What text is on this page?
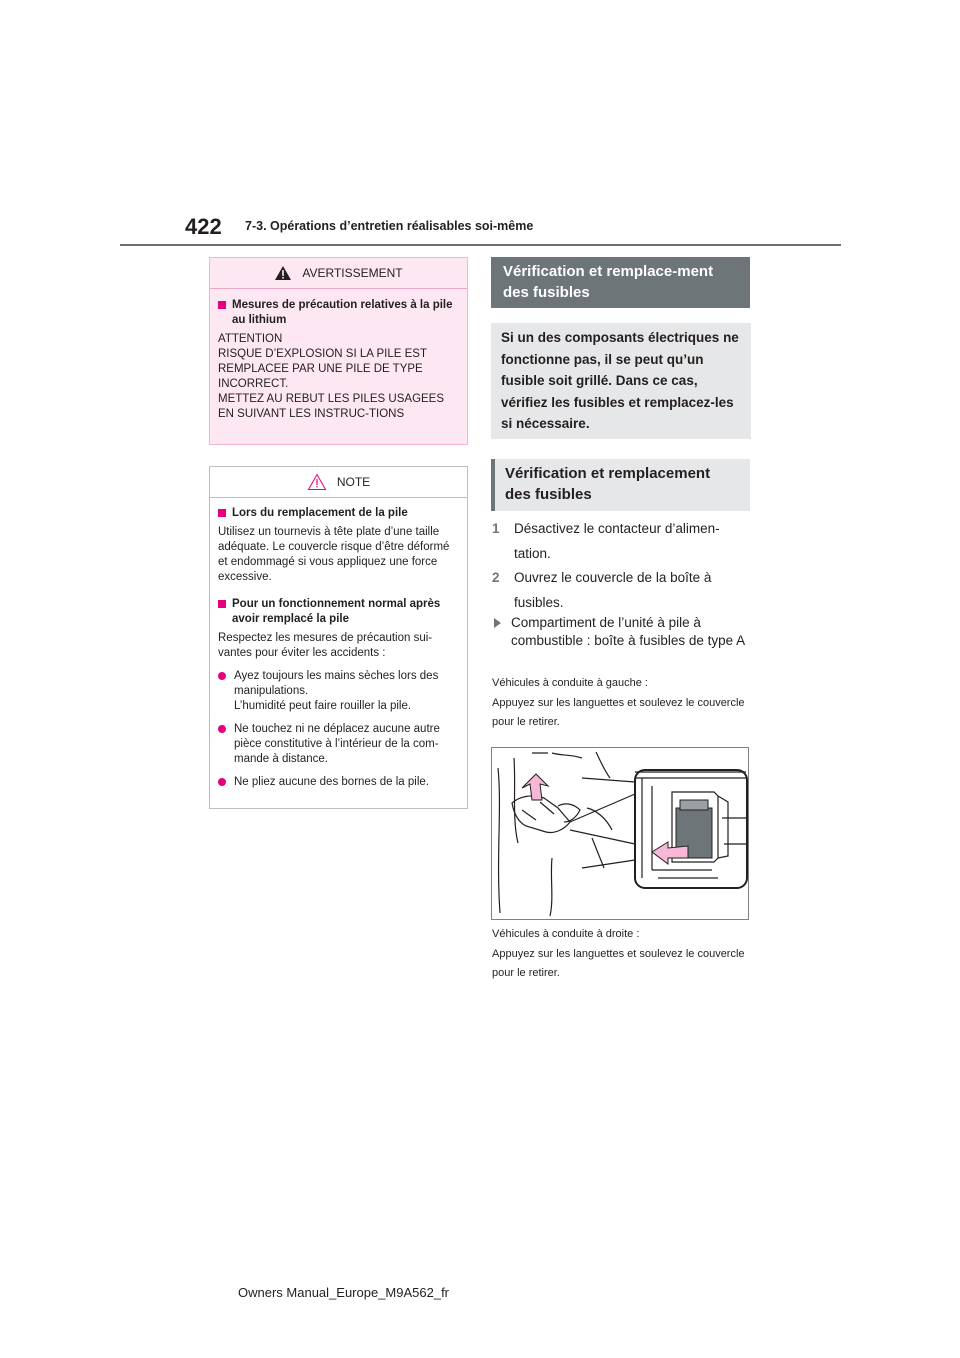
422 7-3. Opérations d’entretien réalisables soi-même
AVERTISSEMENT
Mesures de précaution relatives à la pile au lithium
ATTENTION
RISQUE D’EXPLOSION SI LA PILE EST REMPLACEE PAR UNE PILE DE TYPE INCORRECT.
METTEZ AU REBUT LES PILES USAGEES EN SUIVANT LES INSTRUC-TIONS
NOTE
Lors du remplacement de la pile
Utilisez un tournevis à tête plate d’une taille adéquate. Le couvercle risque d’être déformé et endommagé si vous appliquez une force excessive.
Pour un fonctionnement normal après avoir remplacé la pile
Respectez les mesures de précaution sui-vantes pour éviter les accidents :
Ayez toujours les mains sèches lors des manipulations.
L’humidité peut faire rouiller la pile.
Ne touchez ni ne déplacez aucune autre pièce constitutive à l’intérieur de la com-mande à distance.
Ne pliez aucune des bornes de la pile.
Vérification et remplace-ment des fusibles
Si un des composants électriques ne fonctionne pas, il se peut qu’un fusible soit grillé. Dans ce cas, vérifiez les fusibles et remplacez-les si nécessaire.
Vérification et remplacement des fusibles
1	Désactivez le contacteur d’alimen-tation.
2	Ouvrez le couvercle de la boîte à fusibles.
Compartiment de l’unité à pile à combustible : boîte à fusibles de type A
Véhicules à conduite à gauche :
Appuyez sur les languettes et soulevez le couvercle pour le retirer.
Véhicules à conduite à droite :
Appuyez sur les languettes et soulevez le couvercle pour le retirer.
Owners Manual_Europe_M9A562_fr
